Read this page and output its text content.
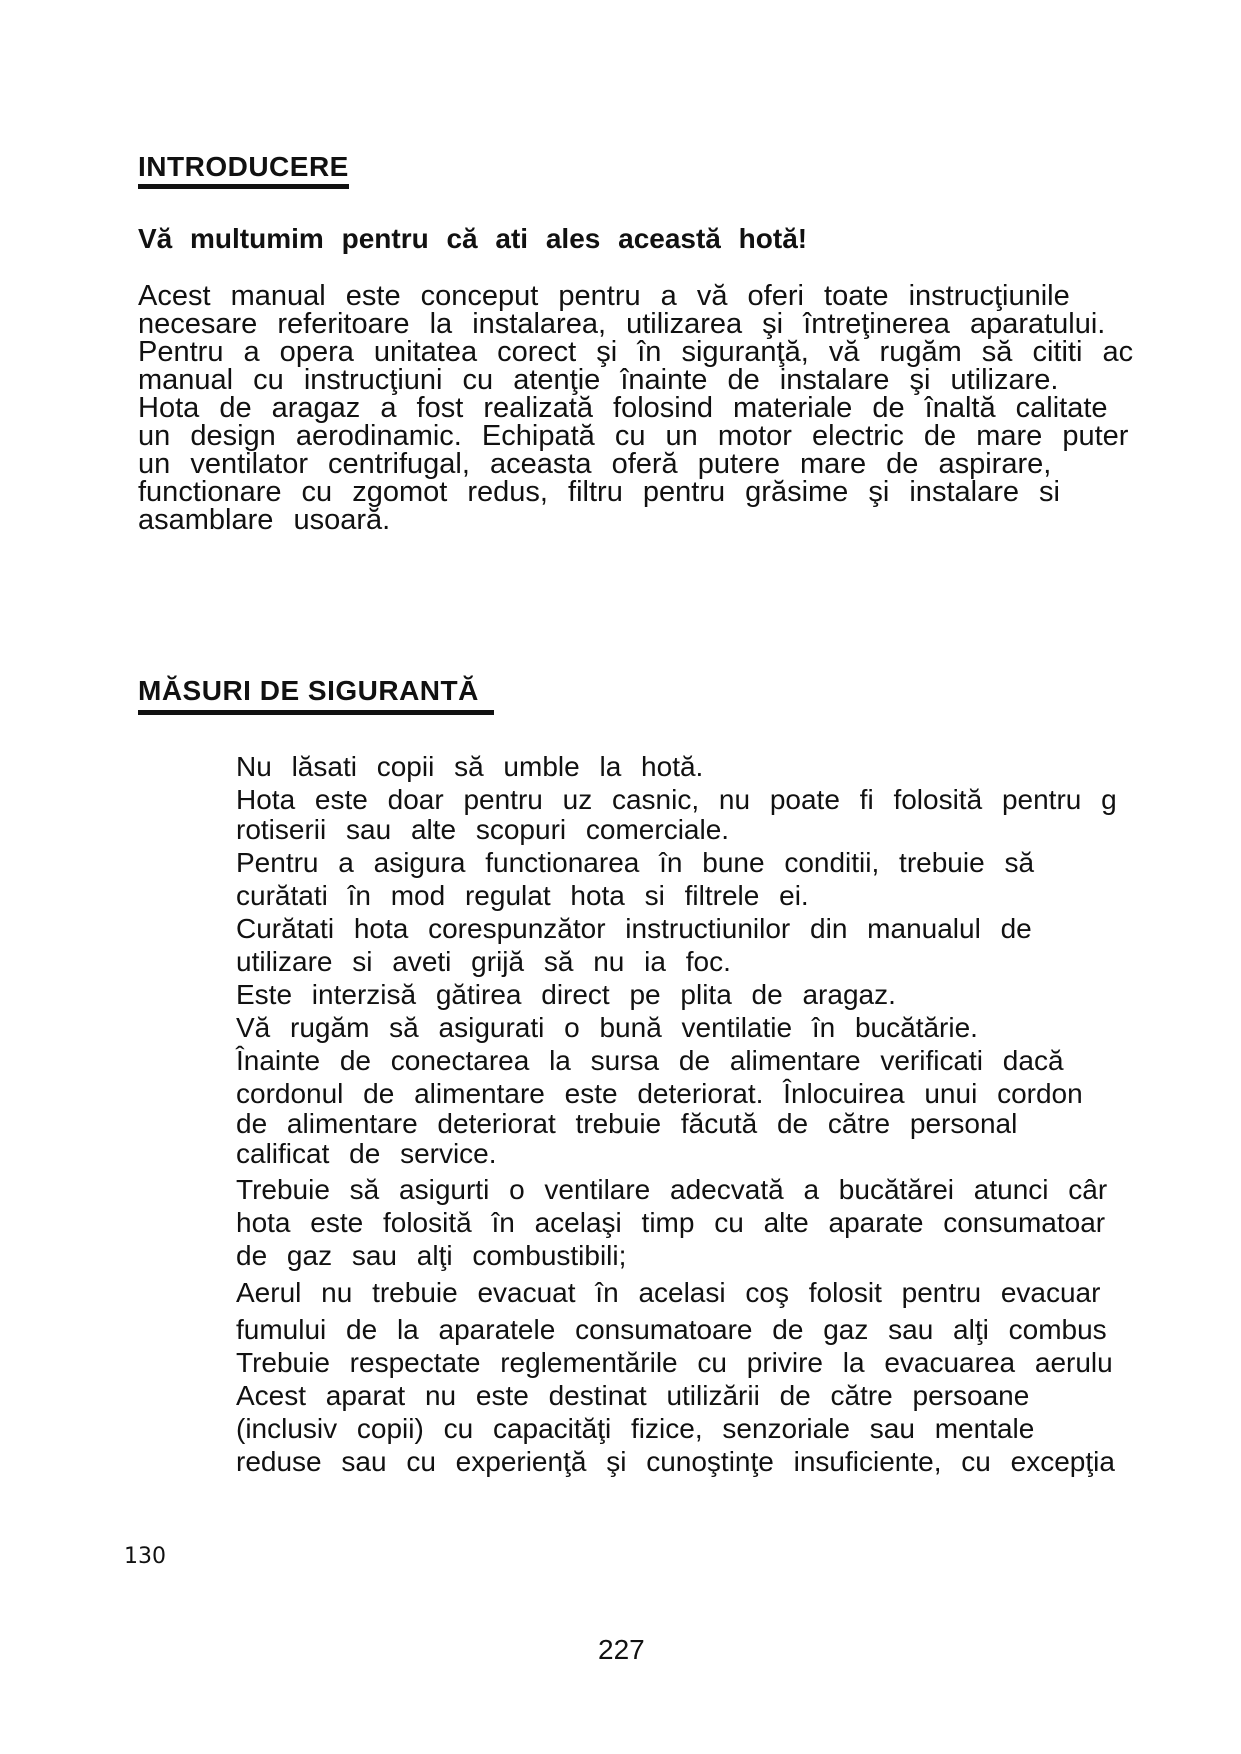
INTRODUCERE

Vă multumim pentru că ati ales această hotă!

Acest manual este conceput pentru a vă oferi toate instrucţiunile
necesare referitoare la instalarea, utilizarea şi întreţinerea aparatului.
Pentru a opera unitatea corect şi în siguranţă, vă rugăm să cititi ac
manual cu instrucţiuni cu atenţie înainte de instalare şi utilizare.
Hota de aragaz a fost realizată folosind materiale de înaltă calitate
un design aerodinamic. Echipată cu un motor electric de mare puter
un ventilator centrifugal, aceasta oferă putere mare de aspirare,
functionare cu zgomot redus, filtru pentru grăsime şi instalare si
asamblare usoară.
MĂSURI DE SIGURANTĂ
Nu lăsati copii să umble la hotă.
Hota este doar pentru uz casnic, nu poate fi folosită pentru g
rotiserii sau alte scopuri comerciale.
Pentru a asigura functionarea în bune conditii, trebuie să
curătati în mod regulat hota si filtrele ei.
Curătati hota corespunzător instructiunilor din manualul de
utilizare si aveti grijă să nu ia foc.
Este interzisă gătirea direct pe plita de aragaz.
Vă rugăm să asigurati o bună ventilatie în bucătărie.
Înainte de conectarea la sursa de alimentare verificati dacă
cordonul de alimentare este deteriorat. Înlocuirea unui cordon
de alimentare deteriorat trebuie făcută de către personal
calificat de service.
Trebuie să asigurti o ventilare adecvată a bucătărei atunci câr
hota este folosită în acelaşi timp cu alte aparate consumatoar
de gaz sau alţi combustibili;
Aerul nu trebuie evacuat în acelasi coş folosit pentru evacuar
fumului de la aparatele consumatoare de gaz sau alţi combus
Trebuie respectate reglementările cu privire la evacuarea aerulu
Acest aparat nu este destinat utilizării de către persoane
(inclusiv copii) cu capacităţi fizice, senzoriale sau mentale
reduse sau cu experienţă şi cunoştinţe insuficiente, cu excepţia
130
227
